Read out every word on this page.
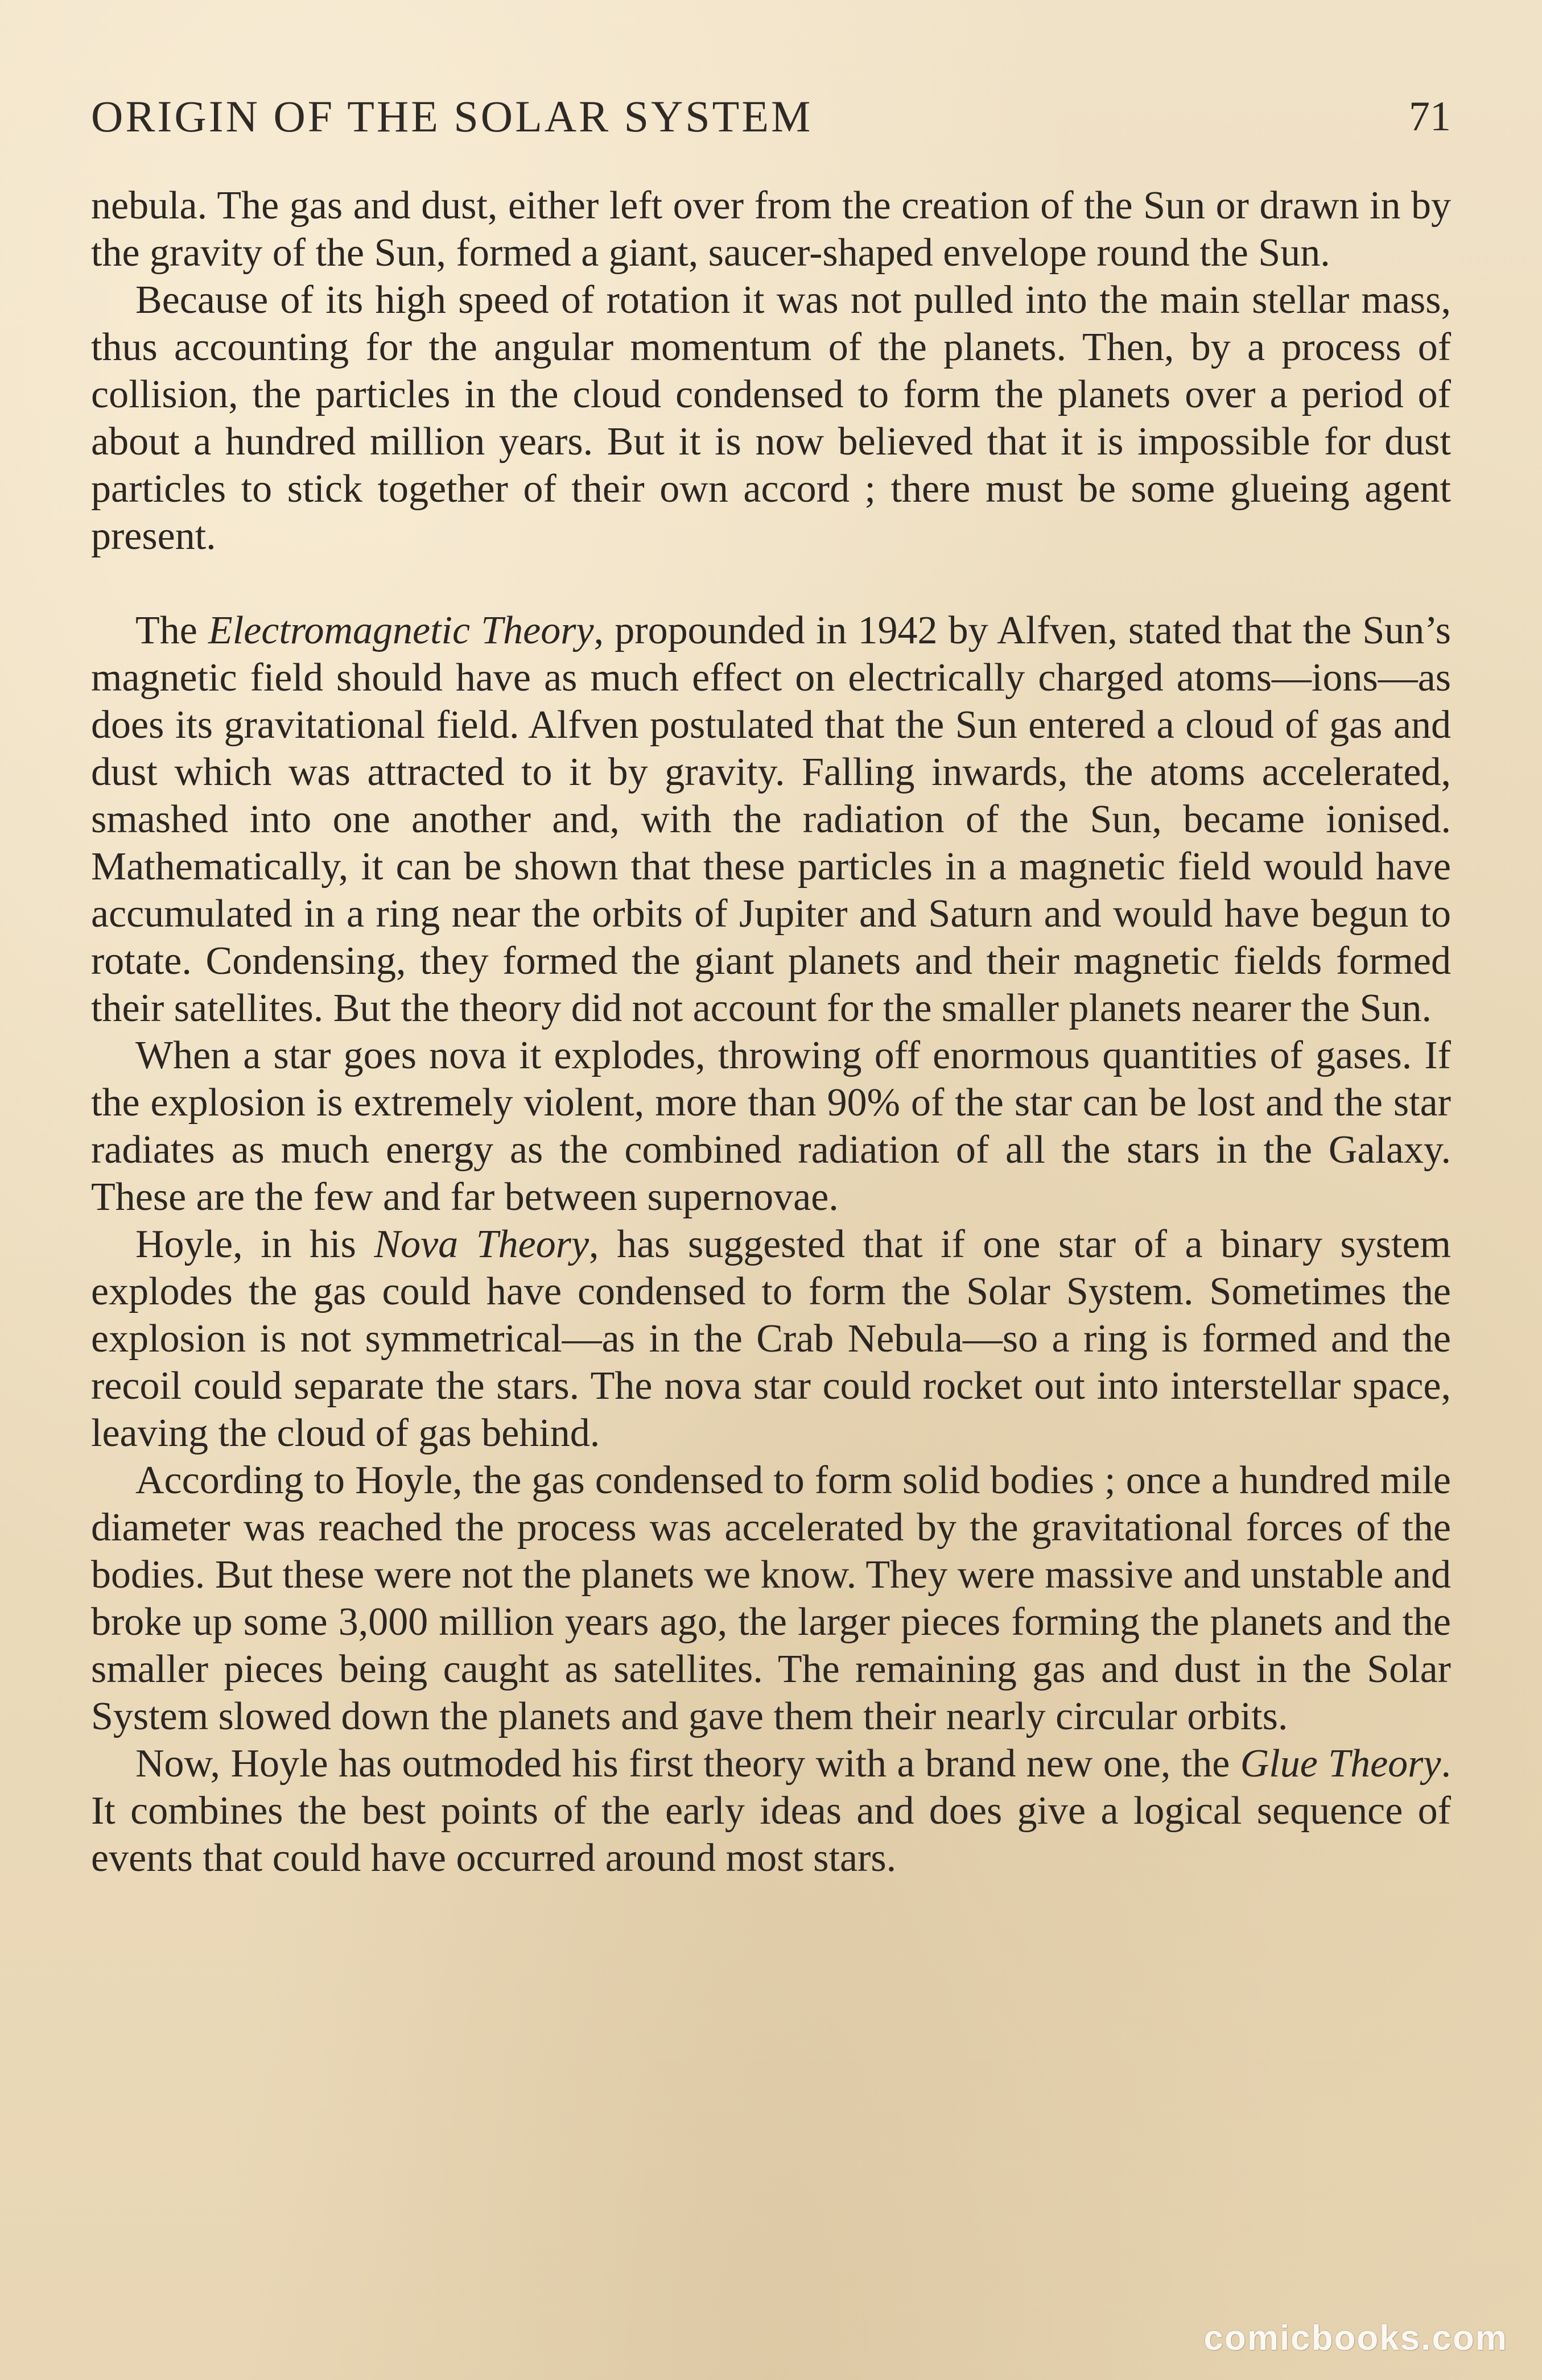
ORIGIN OF THE SOLAR SYSTEM	71

nebula. The gas and dust, either left over from the creation of the Sun or drawn in by the gravity of the Sun, formed a giant, saucer-shaped envelope round the Sun.

Because of its high speed of rotation it was not pulled into the main stellar mass, thus accounting for the angular momentum of the planets. Then, by a process of collision, the particles in the cloud condensed to form the planets over a period of about a hundred million years. But it is now believed that it is impossible for dust particles to stick together of their own accord ; there must be some glueing agent present.

The Electromagnetic Theory, propounded in 1942 by Alfven, stated that the Sun’s magnetic field should have as much effect on electrically charged atoms—ions—as does its gravitational field. Alfven postulated that the Sun entered a cloud of gas and dust which was attracted to it by gravity. Falling inwards, the atoms accelerated, smashed into one another and, with the radiation of the Sun, became ionised. Mathematically, it can be shown that these particles in a magnetic field would have accumulated in a ring near the orbits of Jupiter and Saturn and would have begun to rotate. Condensing, they formed the giant planets and their magnetic fields formed their satellites. But the theory did not account for the smaller planets nearer the Sun.

When a star goes nova it explodes, throwing off enormous quantities of gases. If the explosion is extremely violent, more than 90% of the star can be lost and the star radiates as much energy as the combined radiation of all the stars in the Galaxy. These are the few and far between supernovae.

Hoyle, in his Nova Theory, has suggested that if one star of a binary system explodes the gas could have condensed to form the Solar System. Sometimes the explosion is not symmetrical—as in the Crab Nebula—so a ring is formed and the recoil could separate the stars. The nova star could rocket out into interstellar space, leaving the cloud of gas behind.

According to Hoyle, the gas condensed to form solid bodies ; once a hundred mile diameter was reached the process was accelerated by the gravitational forces of the bodies. But these were not the planets we know. They were massive and unstable and broke up some 3,000 million years ago, the larger pieces forming the planets and the smaller pieces being caught as satellites. The remaining gas and dust in the Solar System slowed down the planets and gave them their nearly circular orbits.

Now, Hoyle has outmoded his first theory with a brand new one, the Glue Theory. It combines the best points of the early ideas and does give a logical sequence of events that could have occurred around most stars.

comicbooks.com
